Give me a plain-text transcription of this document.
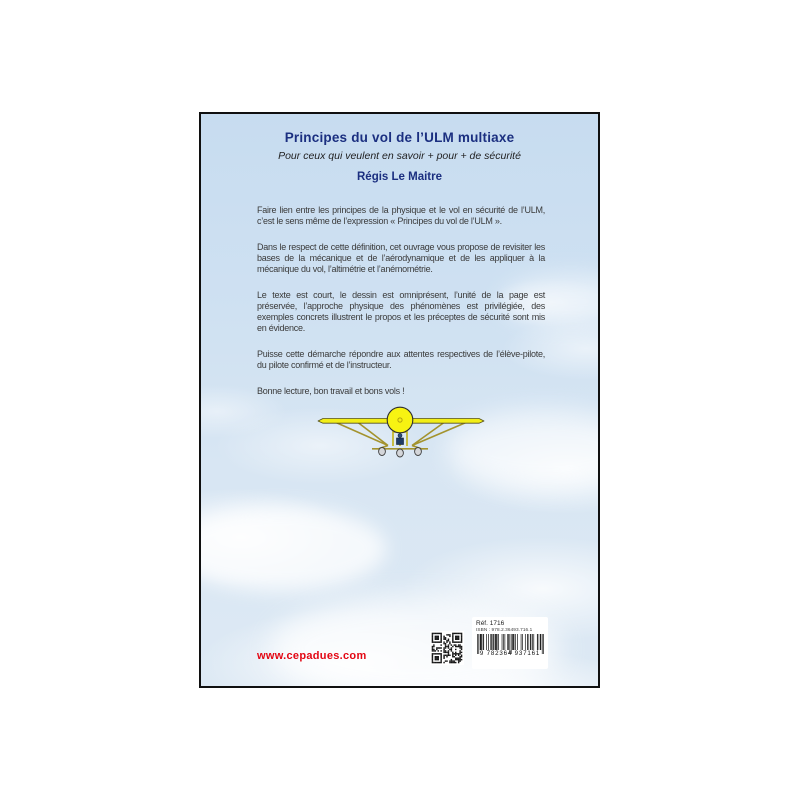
Principes du vol de l’ULM multiaxe

Pour ceux qui veulent en savoir + pour + de sécurité

Régis Le Maitre

Faire lien entre les principes de la physique et le vol en sécurité de l’ULM, c’est le sens même de l’expression « Principes du vol de l’ULM ».

Dans le respect de cette définition, cet ouvrage vous propose de revisiter les bases de la mécanique et de l’aérodynamique et de les appliquer à la mécanique du vol, l’altimétrie et l’anémométrie.

Le texte est court, le dessin est omniprésent, l’unité de la page est préservée, l’approche physique des phénomènes est privilégiée, des exemples concrets illustrent le propos et les préceptes de sécurité sont mis en évidence.

Puisse cette démarche répondre aux attentes respectives de l’élève-pilote, du pilote confirmé et de l’instructeur.

Bonne lecture, bon travail et bons vols !

www.cepadues.com
Réf. 1716
ISBN : 978.2.36493.716.1
9 782364 937161
